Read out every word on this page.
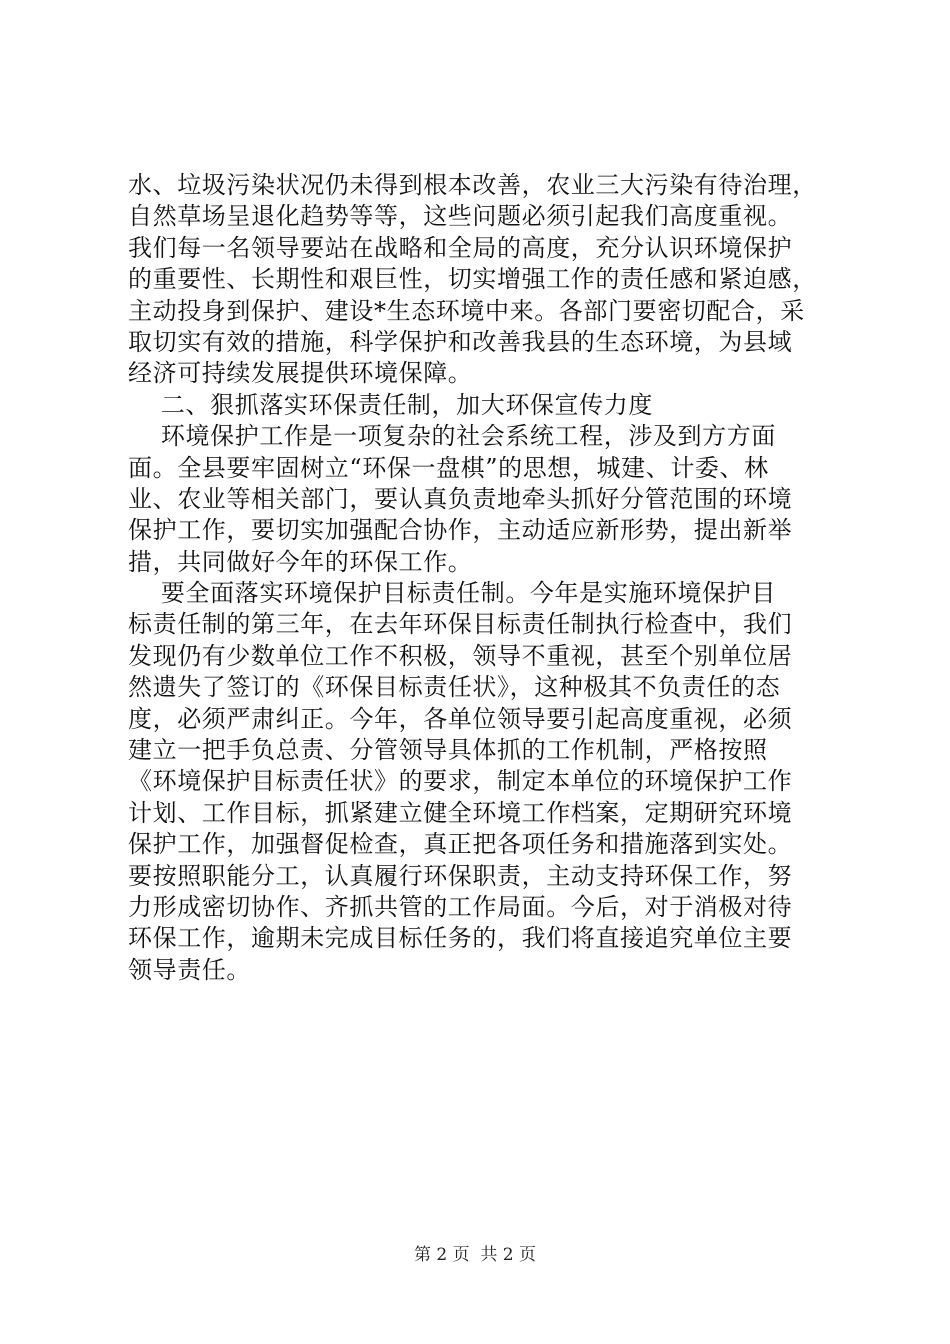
水、垃圾污染状况仍未得到根本改善，农业三大污染有待治理，
自然草场呈退化趋势等等，这些问题必须引起我们高度重视。
我们每一名领导要站在战略和全局的高度，充分认识环境保护
的重要性、长期性和艰巨性，切实增强工作的责任感和紧迫感，
主动投身到保护、建设*生态环境中来。各部门要密切配合，采
取切实有效的措施，科学保护和改善我县的生态环境，为县域
经济可持续发展提供环境保障。
二、狠抓落实环保责任制，加大环保宣传力度
环境保护工作是一项复杂的社会系统工程，涉及到方方面
面。全县要牢固树立“环保一盘棋”的思想，城建、计委、林
业、农业等相关部门，要认真负责地牵头抓好分管范围的环境
保护工作，要切实加强配合协作，主动适应新形势，提出新举
措，共同做好今年的环保工作。
要全面落实环境保护目标责任制。今年是实施环境保护目
标责任制的第三年，在去年环保目标责任制执行检查中，我们
发现仍有少数单位工作不积极，领导不重视，甚至个别单位居
然遗失了签订的《环保目标责任状》，这种极其不负责任的态
度，必须严肃纠正。今年，各单位领导要引起高度重视，必须
建立一把手负总责、分管领导具体抓的工作机制，严格按照
《环境保护目标责任状》的要求，制定本单位的环境保护工作
计划、工作目标，抓紧建立健全环境工作档案，定期研究环境
保护工作，加强督促检查，真正把各项任务和措施落到实处。
要按照职能分工，认真履行环保职责，主动支持环保工作，努
力形成密切协作、齐抓共管的工作局面。今后，对于消极对待
环保工作，逾期未完成目标任务的，我们将直接追究单位主要
领导责任。
第 2 页  共 2 页
